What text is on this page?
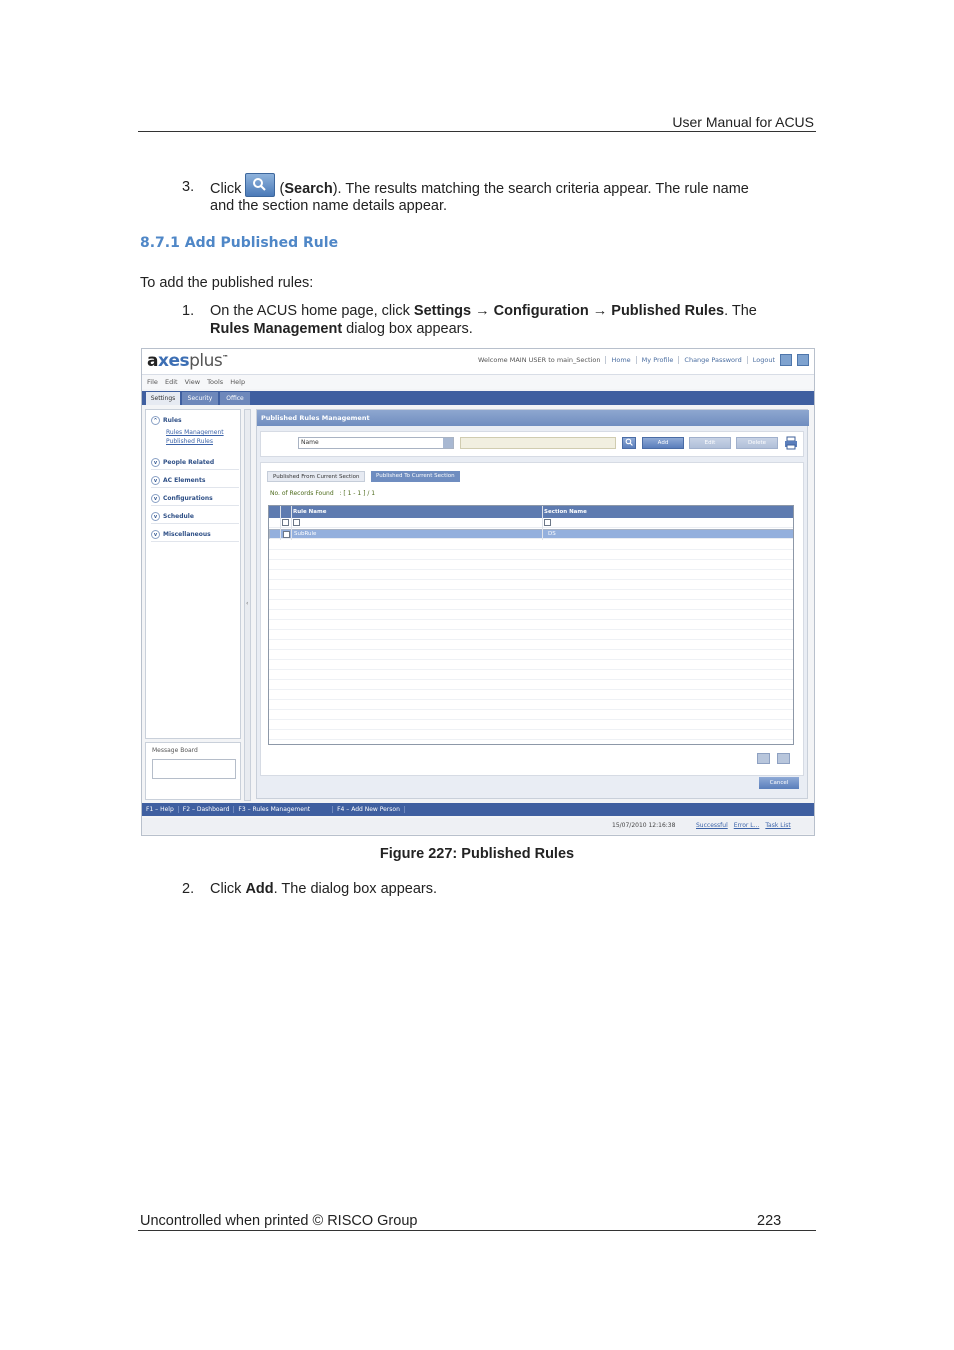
User Manual for ACUS
3. Click	(Search). The results matching the search criteria appear. The rule name
and the section name details appear.
8.7.1 Add Published Rule
To add the published rules:
1. On the ACUS home page, click Settings → Configuration → Published Rules. The
Rules Management dialog box appears.
axesplus™	Welcome MAIN USER to main_Section Home My Profile Change Password Logout
File Edit View Tools Help
Settings	Security	Office
^ Rules
Rules Management
Published Rules
v People Related
v AC Elements
v Configurations
v Schedule
v Miscellaneous
Message Board
‹
Published Rules Management
Name	Add	Edit	Delete
Published From Current Section	Published To Current Section
No. of Records Found : [ 1 - 1 ] / 1
Rule Name	Section Name
SubRule	DS
Cancel
F1 – Help F2 – Dashboard F3 – Rules Management	F4 – Add New Person
15/07/2010 12:16:38	Successful Error L... Task List
Figure 227: Published Rules
2. Click Add. The dialog box appears.
Uncontrolled when printed © RISCO Group	223
